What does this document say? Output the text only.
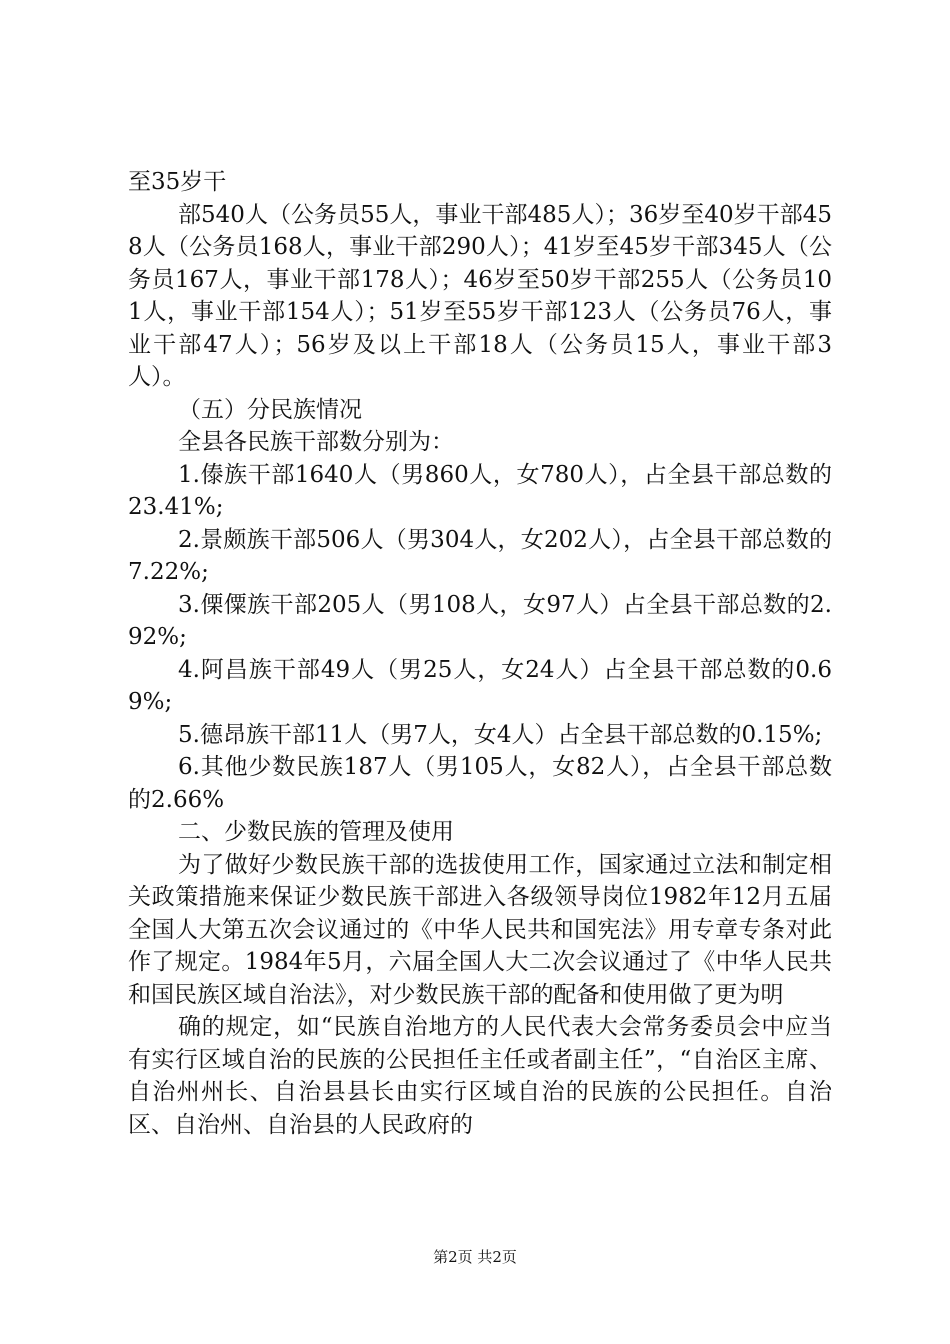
至35岁干

部540人（公务员55人，事业干部485人）；36岁至40岁干部458人（公务员168人，事业干部290人）；41岁至45岁干部345人（公务员167人，事业干部178人）；46岁至50岁干部255人（公务员101人，事业干部154人）；51岁至55岁干部123人（公务员76人，事业干部47人）；56岁及以上干部18人（公务员15人，事业干部3人）。

（五）分民族情况

全县各民族干部数分别为：

1.傣族干部1640人（男860人，女780人），占全县干部总数的23.41%;

2.景颇族干部506人（男304人，女202人），占全县干部总数的7.22%;

3.傈僳族干部205人（男108人，女97人）占全县干部总数的2.92%;

4.阿昌族干部49人（男25人，女24人）占全县干部总数的0.69%;

5.德昂族干部11人（男7人，女4人）占全县干部总数的0.15%;

6.其他少数民族187人（男105人，女82人），占全县干部总数的2.66%

二、少数民族的管理及使用

为了做好少数民族干部的选拔使用工作，国家通过立法和制定相关政策措施来保证少数民族干部进入各级领导岗位1982年12月五届全国人大第五次会议通过的《中华人民共和国宪法》用专章专条对此作了规定。1984年5月，六届全国人大二次会议通过了《中华人民共和国民族区域自治法》，对少数民族干部的配备和使用做了更为明

确的规定，如“民族自治地方的人民代表大会常务委员会中应当有实行区域自治的民族的公民担任主任或者副主任”，“自治区主席、自治州州长、自治县县长由实行区域自治的民族的公民担任。自治区、自治州、自治县的人民政府的

第2页 共2页
